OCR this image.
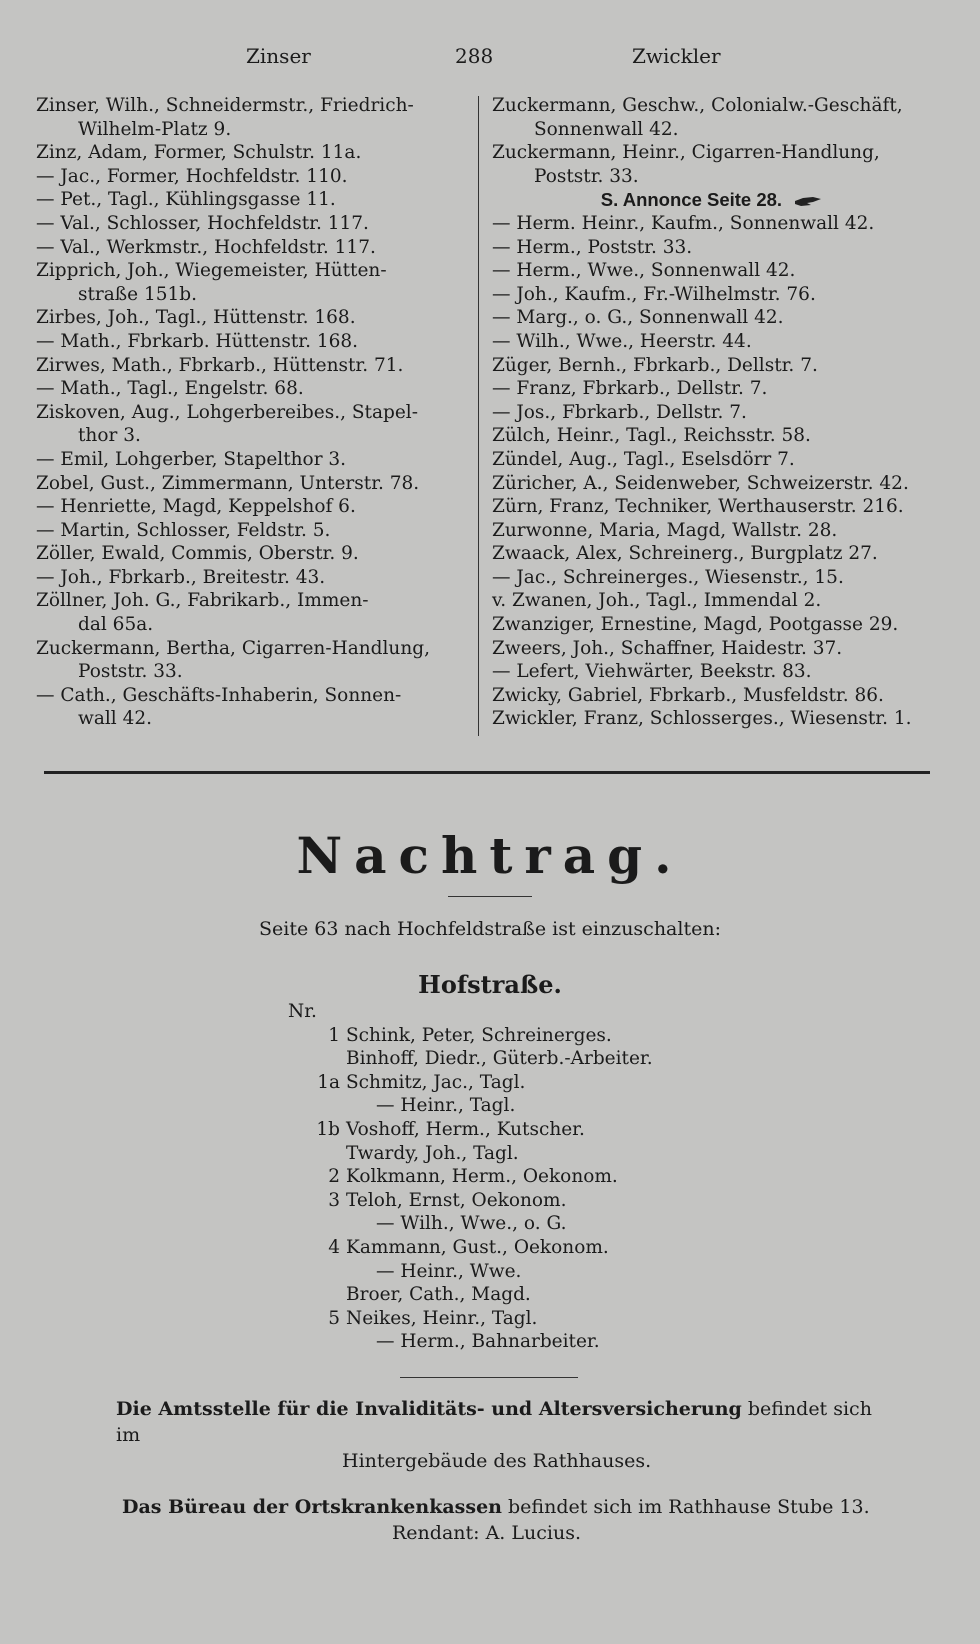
Zinser	288	Zwickler
Zinser, Wilh., Schneidermstr., Friedrich-
Wilhelm-Platz 9.
Zinz, Adam, Former, Schulstr. 11a.
— Jac., Former, Hochfeldstr. 110.
— Pet., Tagl., Kühlingsgasse 11.
— Val., Schlosser, Hochfeldstr. 117.
— Val., Werkmstr., Hochfeldstr. 117.
Zipprich, Joh., Wiegemeister, Hütten-
straße 151b.
Zirbes, Joh., Tagl., Hüttenstr. 168.
— Math., Fbrkarb. Hüttenstr. 168.
Zirwes, Math., Fbrkarb., Hüttenstr. 71.
— Math., Tagl., Engelstr. 68.
Ziskoven, Aug., Lohgerbereibes., Stapel-
thor 3.
— Emil, Lohgerber, Stapelthor 3.
Zobel, Gust., Zimmermann, Unterstr. 78.
— Henriette, Magd, Keppelshof 6.
— Martin, Schlosser, Feldstr. 5.
Zöller, Ewald, Commis, Oberstr. 9.
— Joh., Fbrkarb., Breitestr. 43.
Zöllner, Joh. G., Fabrikarb., Immen-
dal 65a.
Zuckermann, Bertha, Cigarren-Handlung,
Poststr. 33.
— Cath., Geschäfts-Inhaberin, Sonnen-
wall 42.
Zuckermann, Geschw., Colonialw.-Geschäft,
Sonnenwall 42.
Zuckermann, Heinr., Cigarren-Handlung,
Poststr. 33.
S. Annonce Seite 28.
— Herm. Heinr., Kaufm., Sonnenwall 42.
— Herm., Poststr. 33.
— Herm., Wwe., Sonnenwall 42.
— Joh., Kaufm., Fr.-Wilhelmstr. 76.
— Marg., o. G., Sonnenwall 42.
— Wilh., Wwe., Heerstr. 44.
Züger, Bernh., Fbrkarb., Dellstr. 7.
— Franz, Fbrkarb., Dellstr. 7.
— Jos., Fbrkarb., Dellstr. 7.
Zülch, Heinr., Tagl., Reichsstr. 58.
Zündel, Aug., Tagl., Eselsdörr 7.
Züricher, A., Seidenweber, Schweizerstr. 42.
Zürn, Franz, Techniker, Werthauserstr. 216.
Zurwonne, Maria, Magd, Wallstr. 28.
Zwaack, Alex, Schreinerg., Burgplatz 27.
— Jac., Schreinerges., Wiesenstr., 15.
v. Zwanen, Joh., Tagl., Immendal 2.
Zwanziger, Ernestine, Magd, Pootgasse 29.
Zweers, Joh., Schaffner, Haidestr. 37.
— Lefert, Viehwärter, Beekstr. 83.
Zwicky, Gabriel, Fbrkarb., Musfeldstr. 86.
Zwickler, Franz, Schlosserges., Wiesenstr. 1.
Nachtrag.
Seite 63 nach Hochfeldstraße ist einzuschalten:
Hofstraße.
Nr.
1 Schink, Peter, Schreinerges.
Binhoff, Diedr., Güterb.-Arbeiter.
1a Schmitz, Jac., Tagl.
— Heinr., Tagl.
1b Voshoff, Herm., Kutscher.
Twardy, Joh., Tagl.
2 Kolkmann, Herm., Oekonom.
3 Teloh, Ernst, Oekonom.
— Wilh., Wwe., o. G.
4 Kammann, Gust., Oekonom.
— Heinr., Wwe.
Broer, Cath., Magd.
5 Neikes, Heinr., Tagl.
— Herm., Bahnarbeiter.
Die Amtsstelle für die Invaliditäts- und Altersversicherung befindet sich im
Hintergebäude des Rathhauses.
Das Büreau der Ortskrankenkassen befindet sich im Rathhause Stube 13.
Rendant: A. Lucius.
